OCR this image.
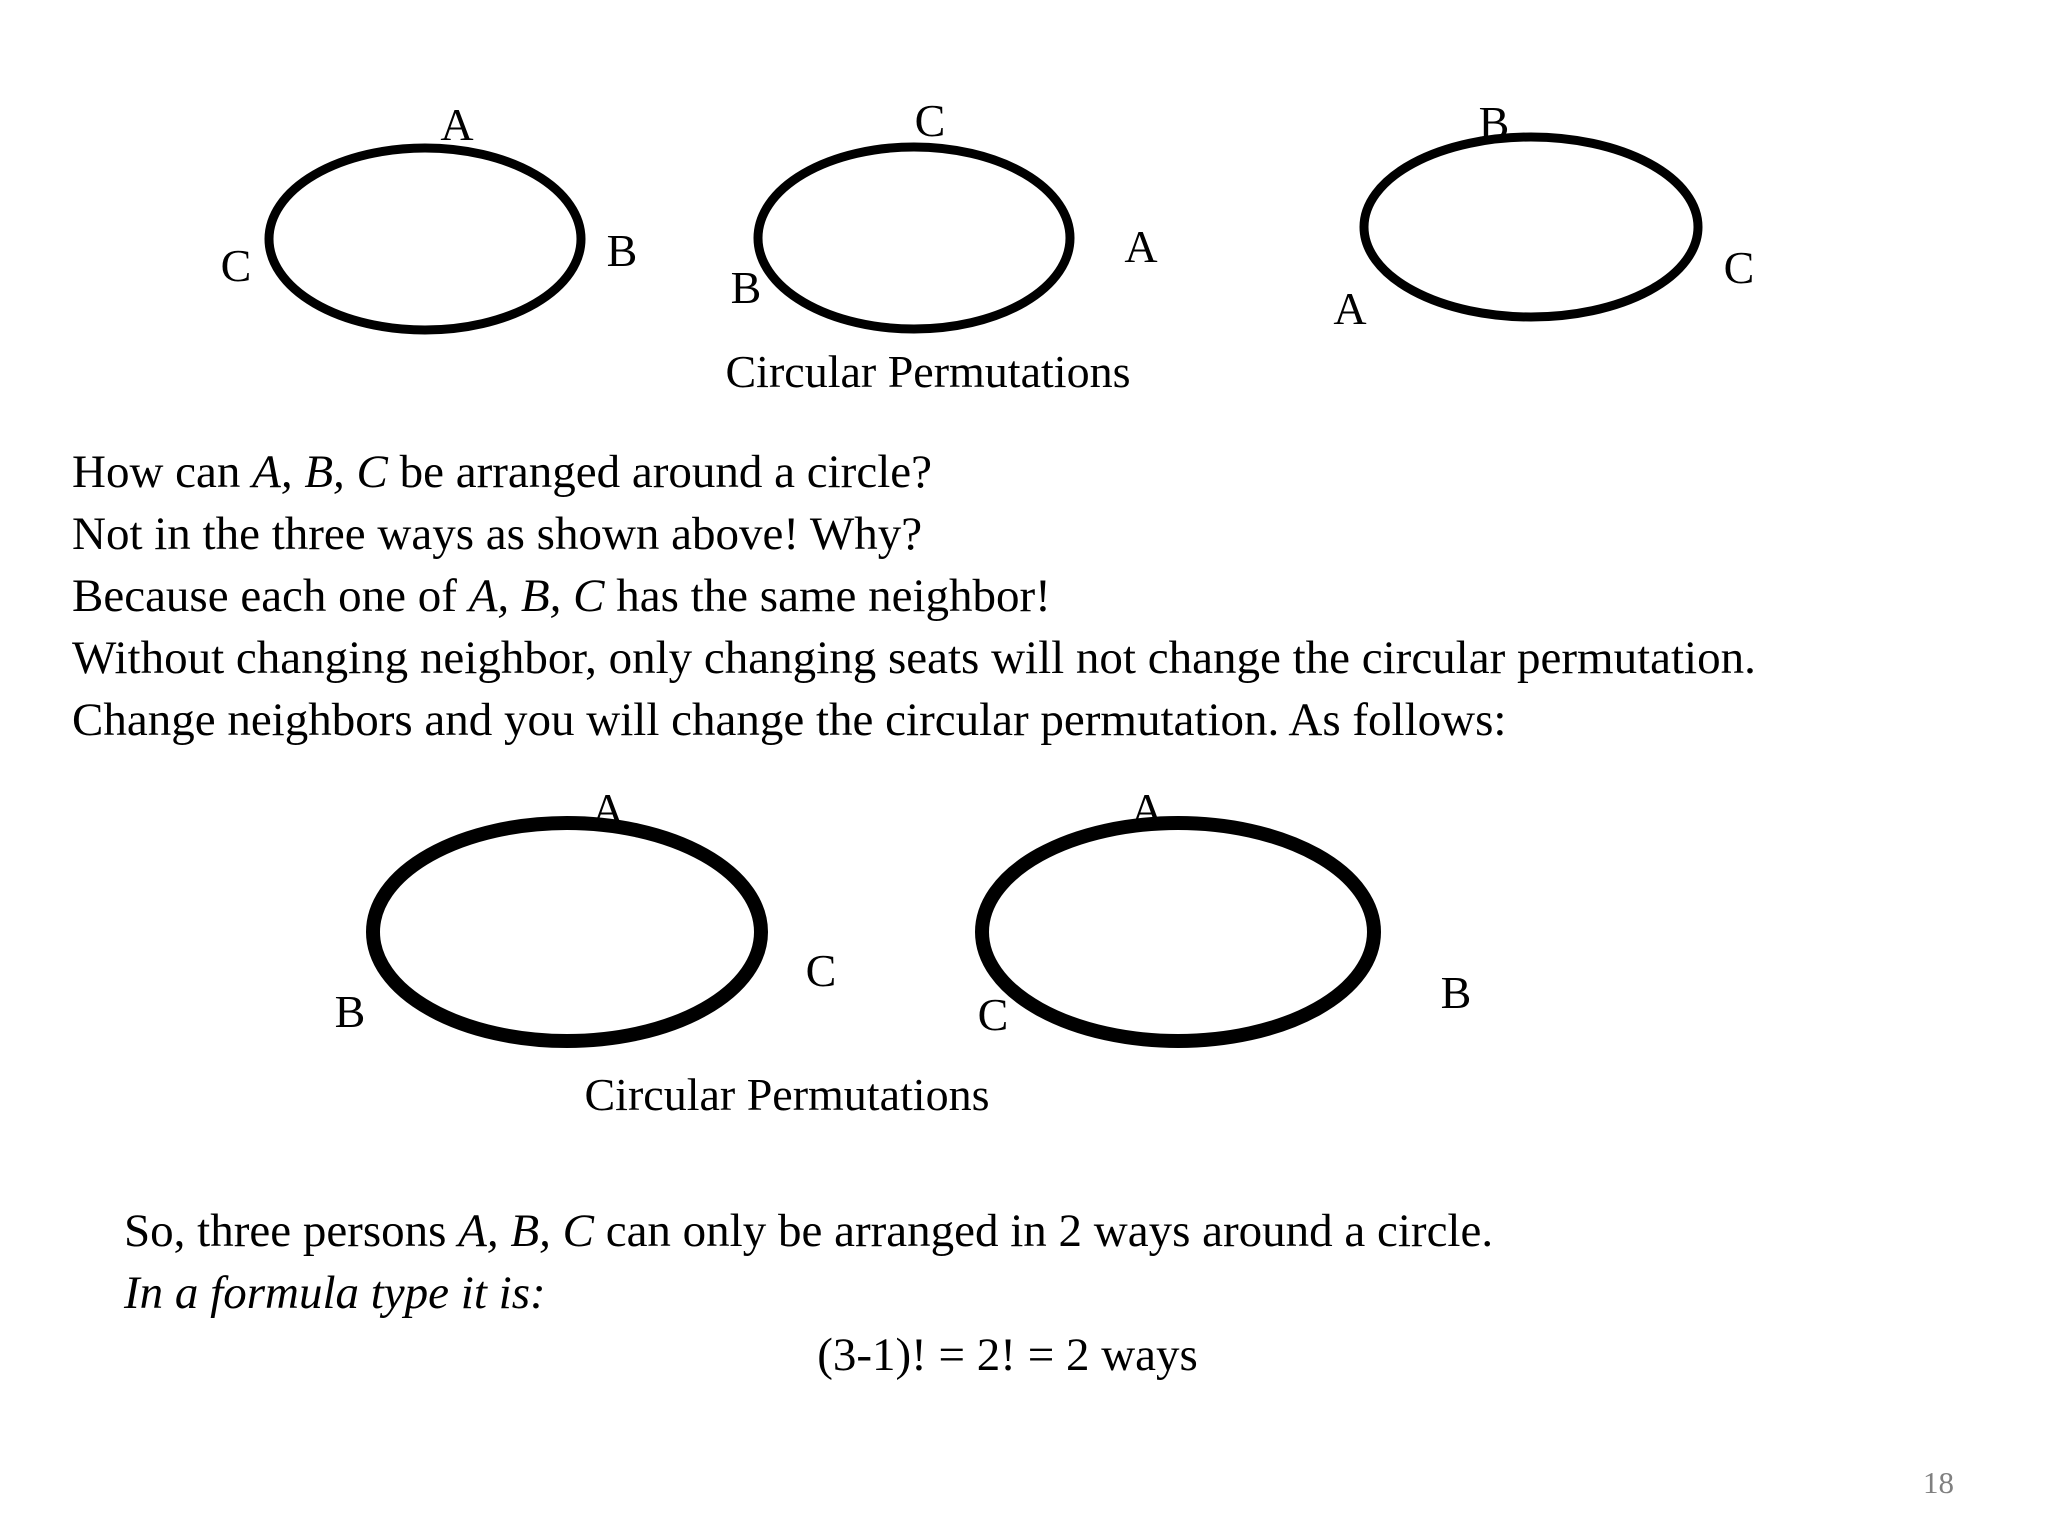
A
C	B
C
B
A
B
A
C
Circular Permutations
How can A, B, C be arranged around a circle?
Not in the three ways as shown above! Why?
Because each one of A, B, C has the same neighbor!
Without changing neighbor, only changing seats will not change the circular permutation.
Change neighbors and you will change the circular permutation. As follows:
A
B
C
A
C	B
Circular Permutations
So, three persons A, B, C can only be arranged in 2 ways around a circle.
In a formula type it is:
(3-1)! = 2! = 2 ways
18
